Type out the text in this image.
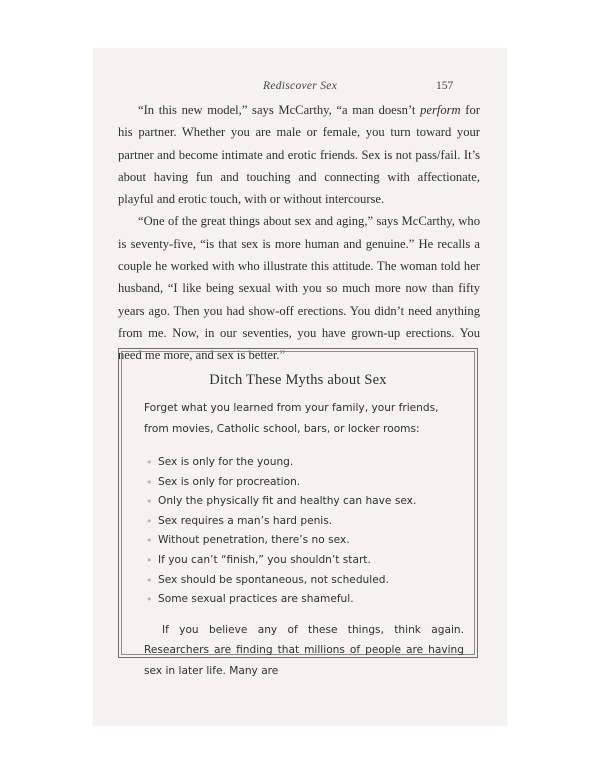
Rediscover Sex	157

“In this new model,” says McCarthy, “a man doesn’t perform for his partner. Whether you are male or female, you turn toward your partner and become intimate and erotic friends. Sex is not pass/fail. It’s about having fun and touching and connecting with affectionate, playful and erotic touch, with or without intercourse.

“One of the great things about sex and aging,” says McCarthy, who is seventy-five, “is that sex is more human and genuine.” He recalls a couple he worked with who illustrate this attitude. The woman told her husband, “I like being sexual with you so much more now than fifty years ago. Then you had show-off erections. You didn’t need anything from me. Now, in our seventies, you have grown-up erections. You need me more, and sex is better.”

Ditch These Myths about Sex

Forget what you learned from your family, your friends, from movies, Catholic school, bars, or locker rooms:

• Sex is only for the young.
• Sex is only for procreation.
• Only the physically fit and healthy can have sex.
• Sex requires a man’s hard penis.
• Without penetration, there’s no sex.
• If you can’t “finish,” you shouldn’t start.
• Sex should be spontaneous, not scheduled.
• Some sexual practices are shameful.

If you believe any of these things, think again. Researchers are finding that millions of people are having sex in later life. Many are
